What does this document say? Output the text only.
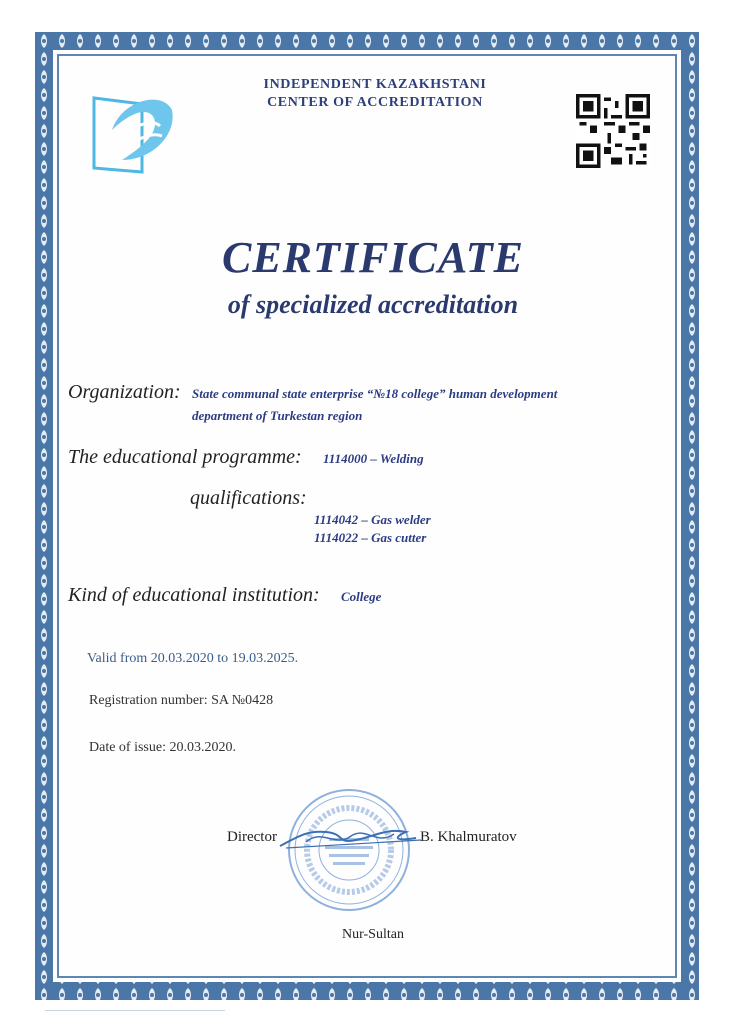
INDEPENDENT KAZAKHSTANI
CENTER OF ACCREDITATION
CERTIFICATE
of specialized accreditation
Organization: State communal state enterprise “№18 college” human development
department of Turkestan region
The educational programme: 1114000 – Welding
qualifications:
1114042 – Gas welder
1114022 – Gas cutter
Kind of educational institution: College
Valid from 20.03.2020 to 19.03.2025.
Registration number: SA №0428
Date of issue: 20.03.2020.
Director	B. Khalmuratov
Nur-Sultan
